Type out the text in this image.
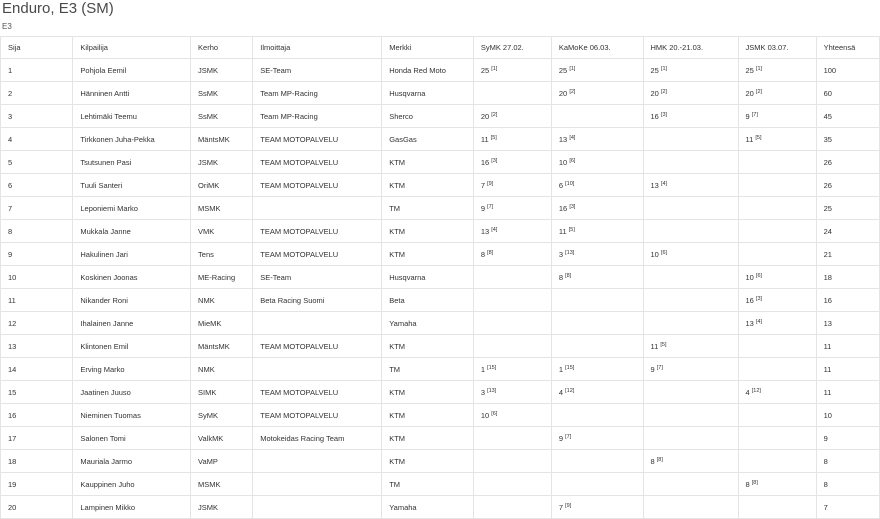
Enduro, E3 (SM)
E3
Sija	Kilpailija	Kerho	Ilmoittaja	Merkki	SyMK 27.02.	KaMoKe 06.03.	HMK 20.-21.03.	JSMK 03.07.	Yhteensä
1	Pohjola Eemil	JSMK	SE-Team	Honda Red Moto	25 [1]	25 [1]	25 [1]	25 [1]	100
2	Hänninen Antti	SsMK	Team MP-Racing	Husqvarna		20 [2]	20 [2]	20 [2]	60
3	Lehtimäki Teemu	SsMK	Team MP-Racing	Sherco	20 [2]		16 [3]	9 [7]	45
4	Tirkkonen Juha-Pekka	MäntsMK	TEAM MOTOPALVELU	GasGas	11 [5]	13 [4]		11 [5]	35
5	Tsutsunen Pasi	JSMK	TEAM MOTOPALVELU	KTM	16 [3]	10 [6]			26
6	Tuuli Santeri	OriMK	TEAM MOTOPALVELU	KTM	7 [9]	6 [10]	13 [4]		26
7	Leponiemi Marko	MSMK		TM	9 [7]	16 [3]			25
8	Mukkala Janne	VMK	TEAM MOTOPALVELU	KTM	13 [4]	11 [5]			24
9	Hakulinen Jari	Tens	TEAM MOTOPALVELU	KTM	8 [8]	3 [13]	10 [6]		21
10	Koskinen Joonas	ME-Racing	SE-Team	Husqvarna		8 [8]		10 [6]	18
11	Nikander Roni	NMK	Beta Racing Suomi	Beta				16 [3]	16
12	Ihalainen Janne	MieMK		Yamaha				13 [4]	13
13	Klintonen Emil	MäntsMK	TEAM MOTOPALVELU	KTM			11 [5]		11
14	Erving Marko	NMK		TM	1 [15]	1 [15]	9 [7]		11
15	Jaatinen Juuso	SIMK	TEAM MOTOPALVELU	KTM	3 [13]	4 [12]		4 [12]	11
16	Nieminen Tuomas	SyMK	TEAM MOTOPALVELU	KTM	10 [6]				10
17	Salonen Tomi	ValkMK	Motokeidas Racing Team	KTM		9 [7]			9
18	Mauriala Jarmo	VaMP		KTM			8 [8]		8
19	Kauppinen Juho	MSMK		TM				8 [8]	8
20	Lampinen Mikko	JSMK		Yamaha		7 [9]			7
